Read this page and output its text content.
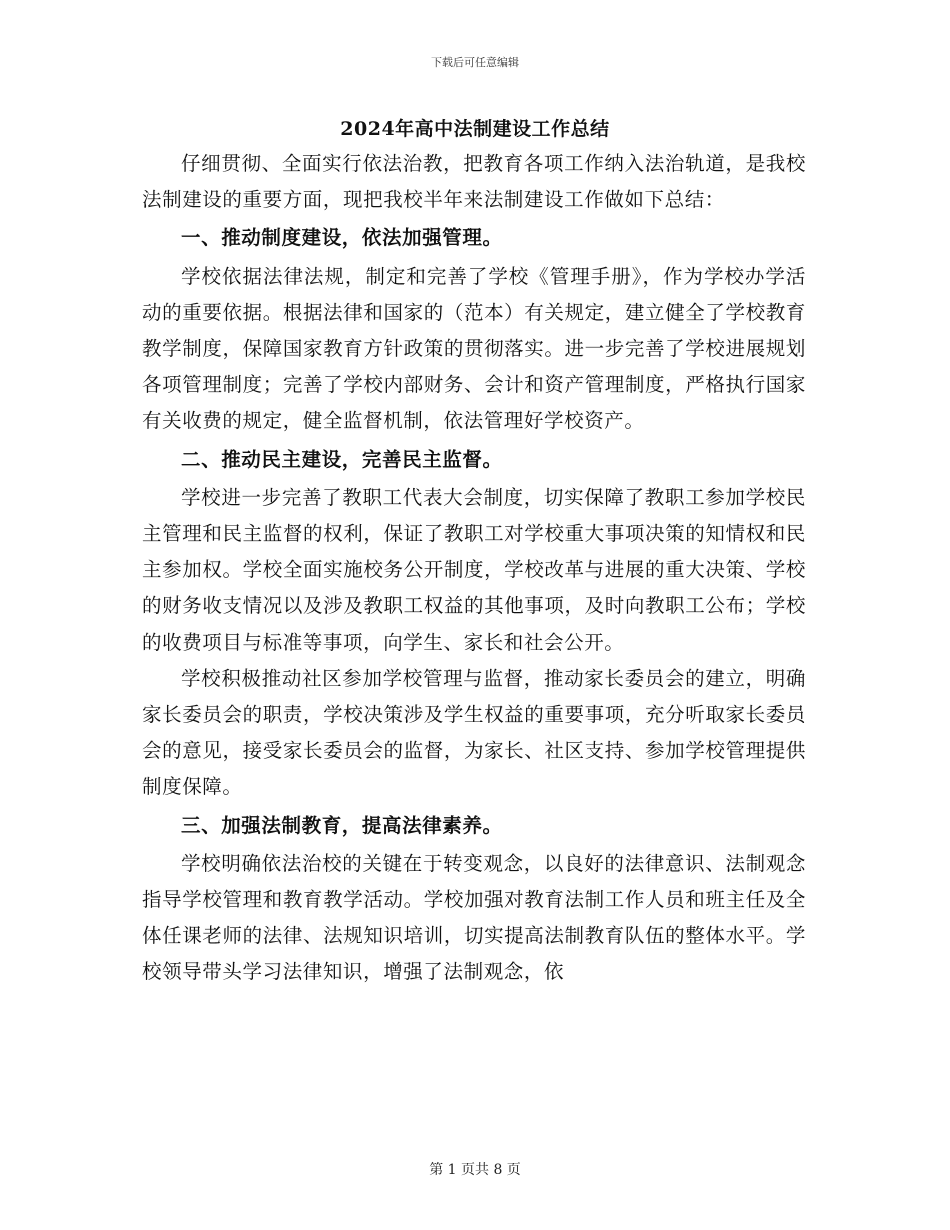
下载后可任意编辑
2024年高中法制建设工作总结

仔细贯彻、全面实行依法治教，把教育各项工作纳入法治轨道，是我校法制建设的重要方面，现把我校半年来法制建设工作做如下总结：

一、推动制度建设，依法加强管理。

学校依据法律法规，制定和完善了学校《管理手册》，作为学校办学活动的重要依据。根据法律和国家的（范本）有关规定，建立健全了学校教育教学制度，保障国家教育方针政策的贯彻落实。进一步完善了学校进展规划各项管理制度；完善了学校内部财务、会计和资产管理制度，严格执行国家有关收费的规定，健全监督机制，依法管理好学校资产。

二、推动民主建设，完善民主监督。

学校进一步完善了教职工代表大会制度，切实保障了教职工参加学校民主管理和民主监督的权利，保证了教职工对学校重大事项决策的知情权和民主参加权。学校全面实施校务公开制度，学校改革与进展的重大决策、学校的财务收支情况以及涉及教职工权益的其他事项，及时向教职工公布；学校的收费项目与标准等事项，向学生、家长和社会公开。

学校积极推动社区参加学校管理与监督，推动家长委员会的建立，明确家长委员会的职责，学校决策涉及学生权益的重要事项，充分听取家长委员会的意见，接受家长委员会的监督，为家长、社区支持、参加学校管理提供制度保障。

三、加强法制教育，提高法律素养。

学校明确依法治校的关键在于转变观念，以良好的法律意识、法制观念指导学校管理和教育教学活动。学校加强对教育法制工作人员和班主任及全体任课老师的法律、法规知识培训，切实提高法制教育队伍的整体水平。学校领导带头学习法律知识，增强了法制观念，依

第 1 页共 8 页
